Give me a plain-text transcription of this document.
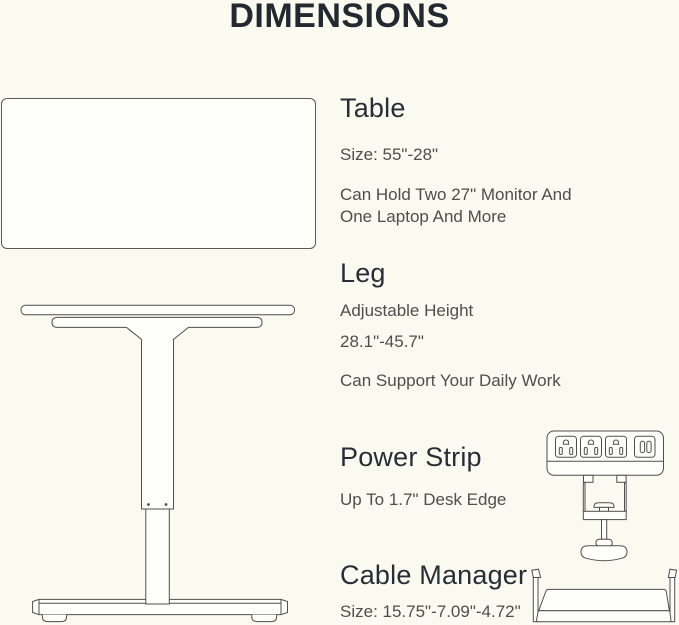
DIMENSIONS
Table
Size: 55"-28"
Can Hold Two 27" Monitor And
One Laptop And More
Leg
Adjustable Height
28.1"-45.7"
Can Support Your Daily Work
Power Strip
Up To 1.7" Desk Edge
Cable Manager
Size: 15.75"-7.09"-4.72"
